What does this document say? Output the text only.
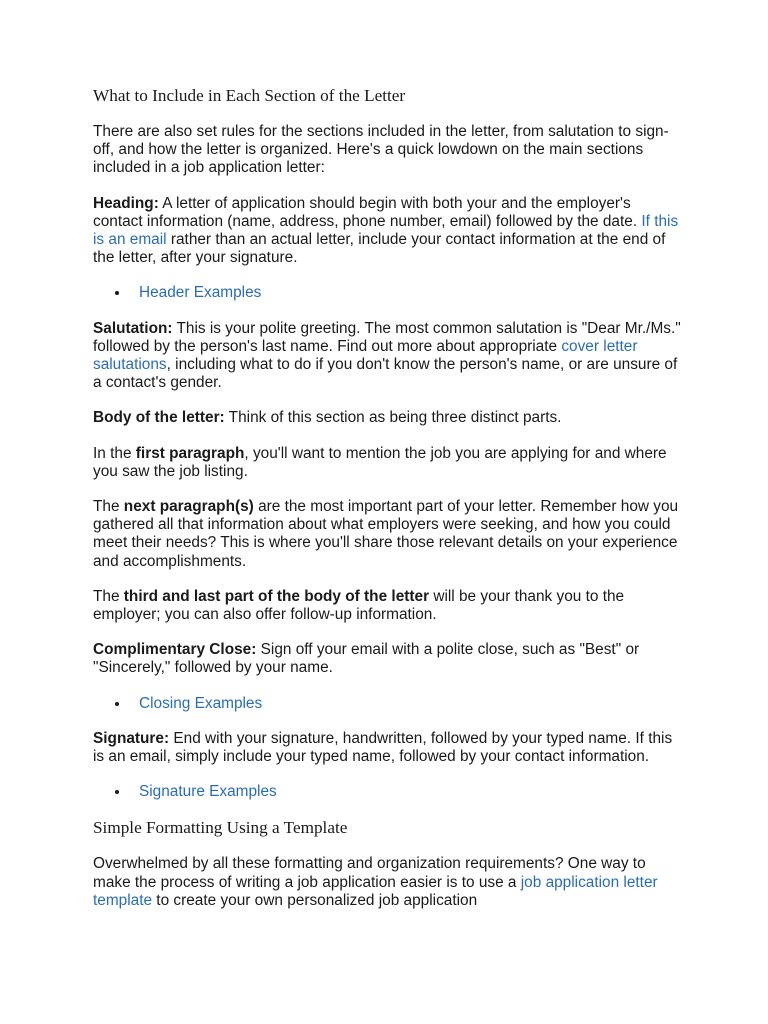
What to Include in Each Section of the Letter

There are also set rules for the sections included in the letter, from salutation to sign-off, and how the letter is organized. Here's a quick lowdown on the main sections included in a job application letter:

Heading: A letter of application should begin with both your and the employer's contact information (name, address, phone number, email) followed by the date. If this is an email rather than an actual letter, include your contact information at the end of the letter, after your signature.

Header Examples

Salutation: This is your polite greeting. The most common salutation is "Dear Mr./Ms." followed by the person's last name. Find out more about appropriate cover letter salutations, including what to do if you don't know the person's name, or are unsure of a contact's gender.

Body of the letter: Think of this section as being three distinct parts.

In the first paragraph, you'll want to mention the job you are applying for and where you saw the job listing.

The next paragraph(s) are the most important part of your letter. Remember how you gathered all that information about what employers were seeking, and how you could meet their needs? This is where you'll share those relevant details on your experience and accomplishments.

The third and last part of the body of the letter will be your thank you to the employer; you can also offer follow-up information.

Complimentary Close: Sign off your email with a polite close, such as "Best" or "Sincerely," followed by your name.

Closing Examples

Signature: End with your signature, handwritten, followed by your typed name. If this is an email, simply include your typed name, followed by your contact information.

Signature Examples
Simple Formatting Using a Template

Overwhelmed by all these formatting and organization requirements? One way to make the process of writing a job application easier is to use a job application letter template to create your own personalized job application
